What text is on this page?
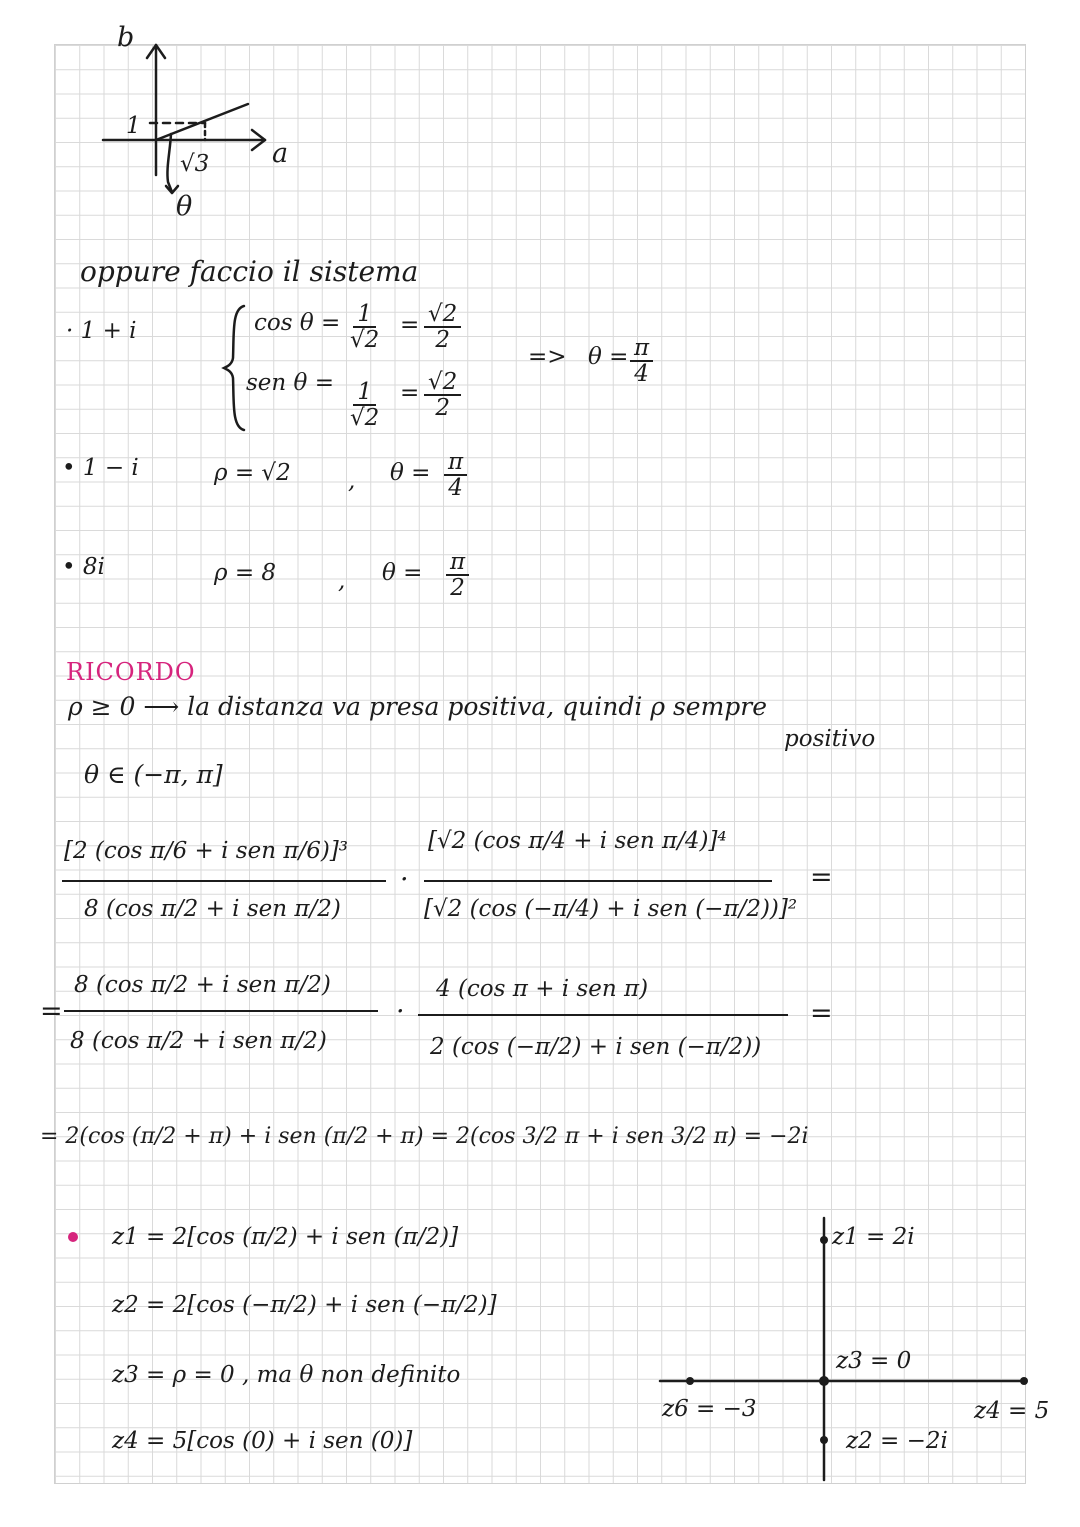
b
a
1
√3
θ
oppure faccio il sistema
· 1 + i	$\cos \theta = \frac{1}{√2} = \frac{√2}{2}$
sen $\theta = \frac{1}{√2} = \frac{√2}{2}$
=> $\theta = \frac{\pi}{4}$
• 1 − i	ρ = √2 , $\theta = \frac{\pi}{4}$
• 8i	ρ = 8	, $\theta = \frac{\pi}{2}$
RICORDO
ρ ≥ 0 ⟶ la distanza va presa positiva, quindi ρ sempre
positivo
θ ∈ (−π, π]
[2 (cos π/6 + i sen π/6)]³
8 (cos π/2 + i sen π/2)
·
[√2 (cos π/4 + i sen π/4)]⁴
[√2 (cos (−π/4) + i sen (−π/2))]²
=
=
8 (cos π/2 + i sen π/2)
8 (cos π/2 + i sen π/2)
·
4 (cos π + i sen π)
2 (cos (−π/2) + i sen (−π/2))
=
= 2(cos (π/2 + π) + i sen (π/2 + π) = 2(cos 3/2 π + i sen 3/2 π) = −2i
z1 = 2[cos (π/2) + i sen (π/2)]
z2 = 2[cos (−π/2) + i sen (−π/2)]
z3 = ρ = 0 , ma θ non definito
z4 = 5[cos (0) + i sen (0)]
z1 = 2i
z3 = 0
z6 = −3	z4 = 5
z2 = −2i
